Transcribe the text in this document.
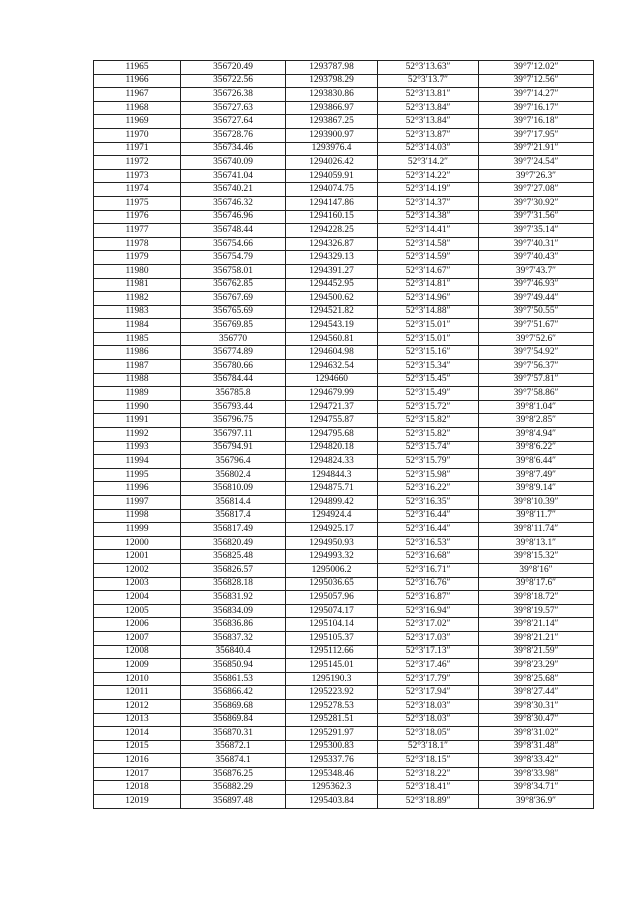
11965	356720.49	1293787.98	52°3′13.63″	39°7′12.02″
11966	356722.56	1293798.29	52°3′13.7″	39°7′12.56″
11967	356726.38	1293830.86	52°3′13.81″	39°7′14.27″
11968	356727.63	1293866.97	52°3′13.84″	39°7′16.17″
11969	356727.64	1293867.25	52°3′13.84″	39°7′16.18″
11970	356728.76	1293900.97	52°3′13.87″	39°7′17.95″
11971	356734.46	1293976.4	52°3′14.03″	39°7′21.91″
11972	356740.09	1294026.42	52°3′14.2″	39°7′24.54″
11973	356741.04	1294059.91	52°3′14.22″	39°7′26.3″
11974	356740.21	1294074.75	52°3′14.19″	39°7′27.08″
11975	356746.32	1294147.86	52°3′14.37″	39°7′30.92″
11976	356746.96	1294160.15	52°3′14.38″	39°7′31.56″
11977	356748.44	1294228.25	52°3′14.41″	39°7′35.14″
11978	356754.66	1294326.87	52°3′14.58″	39°7′40.31″
11979	356754.79	1294329.13	52°3′14.59″	39°7′40.43″
11980	356758.01	1294391.27	52°3′14.67″	39°7′43.7″
11981	356762.85	1294452.95	52°3′14.81″	39°7′46.93″
11982	356767.69	1294500.62	52°3′14.96″	39°7′49.44″
11983	356765.69	1294521.82	52°3′14.88″	39°7′50.55″
11984	356769.85	1294543.19	52°3′15.01″	39°7′51.67″
11985	356770	1294560.81	52°3′15.01″	39°7′52.6″
11986	356774.89	1294604.98	52°3′15.16″	39°7′54.92″
11987	356780.66	1294632.54	52°3′15.34″	39°7′56.37″
11988	356784.44	1294660	52°3′15.45″	39°7′57.81″
11989	356785.8	1294679.99	52°3′15.49″	39°7′58.86″
11990	356793.44	1294721.37	52°3′15.72″	39°8′1.04″
11991	356796.75	1294755.87	52°3′15.82″	39°8′2.85″
11992	356797.11	1294795.68	52°3′15.82″	39°8′4.94″
11993	356794.91	1294820.18	52°3′15.74″	39°8′6.22″
11994	356796.4	1294824.33	52°3′15.79″	39°8′6.44″
11995	356802.4	1294844.3	52°3′15.98″	39°8′7.49″
11996	356810.09	1294875.71	52°3′16.22″	39°8′9.14″
11997	356814.4	1294899.42	52°3′16.35″	39°8′10.39″
11998	356817.4	1294924.4	52°3′16.44″	39°8′11.7″
11999	356817.49	1294925.17	52°3′16.44″	39°8′11.74″
12000	356820.49	1294950.93	52°3′16.53″	39°8′13.1″
12001	356825.48	1294993.32	52°3′16.68″	39°8′15.32″
12002	356826.57	1295006.2	52°3′16.71″	39°8′16″
12003	356828.18	1295036.65	52°3′16.76″	39°8′17.6″
12004	356831.92	1295057.96	52°3′16.87″	39°8′18.72″
12005	356834.09	1295074.17	52°3′16.94″	39°8′19.57″
12006	356836.86	1295104.14	52°3′17.02″	39°8′21.14″
12007	356837.32	1295105.37	52°3′17.03″	39°8′21.21″
12008	356840.4	1295112.66	52°3′17.13″	39°8′21.59″
12009	356850.94	1295145.01	52°3′17.46″	39°8′23.29″
12010	356861.53	1295190.3	52°3′17.79″	39°8′25.68″
12011	356866.42	1295223.92	52°3′17.94″	39°8′27.44″
12012	356869.68	1295278.53	52°3′18.03″	39°8′30.31″
12013	356869.84	1295281.51	52°3′18.03″	39°8′30.47″
12014	356870.31	1295291.97	52°3′18.05″	39°8′31.02″
12015	356872.1	1295300.83	52°3′18.1″	39°8′31.48″
12016	356874.1	1295337.76	52°3′18.15″	39°8′33.42″
12017	356876.25	1295348.46	52°3′18.22″	39°8′33.98″
12018	356882.29	1295362.3	52°3′18.41″	39°8′34.71″
12019	356897.48	1295403.84	52°3′18.89″	39°8′36.9″
